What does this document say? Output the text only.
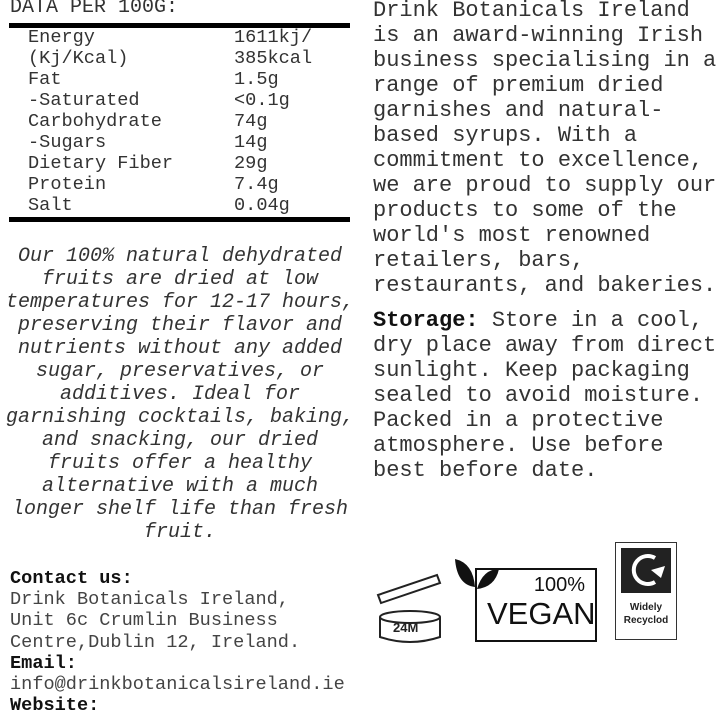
DATA PER 100G:
Energy	1611kj/
(Kj/Kcal)	385kcal
Fat	1.5g
-Saturated	<0.1g
Carbohydrate	74g
-Sugars	14g
Dietary Fiber	29g
Protein	7.4g
Salt	0.04g
Our 100% natural dehydrated fruits are dried at low temperatures for 12-17 hours, preserving their flavor and nutrients without any added sugar, preservatives, or additives. Ideal for garnishing cocktails, baking, and snacking, our dried fruits offer a healthy alternative with a much longer shelf life than fresh fruit.
Contact us:
Drink Botanicals Ireland,
Unit 6c Crumlin Business
Centre,Dublin 12, Ireland.
Email:
info@drinkbotanicalsireland.ie
Website:

Drink Botanicals Ireland is an award-winning Irish business specialising in a range of premium dried garnishes and natural-based syrups. With a commitment to excellence, we are proud to supply our products to some of the world's most renowned retailers, bars, restaurants, and bakeries.

Storage: Store in a cool, dry place away from direct sunlight. Keep packaging sealed to avoid moisture. Packed in a protective atmosphere. Use before best before date.

24M
100%
VEGAN	Widely
Recyclod
